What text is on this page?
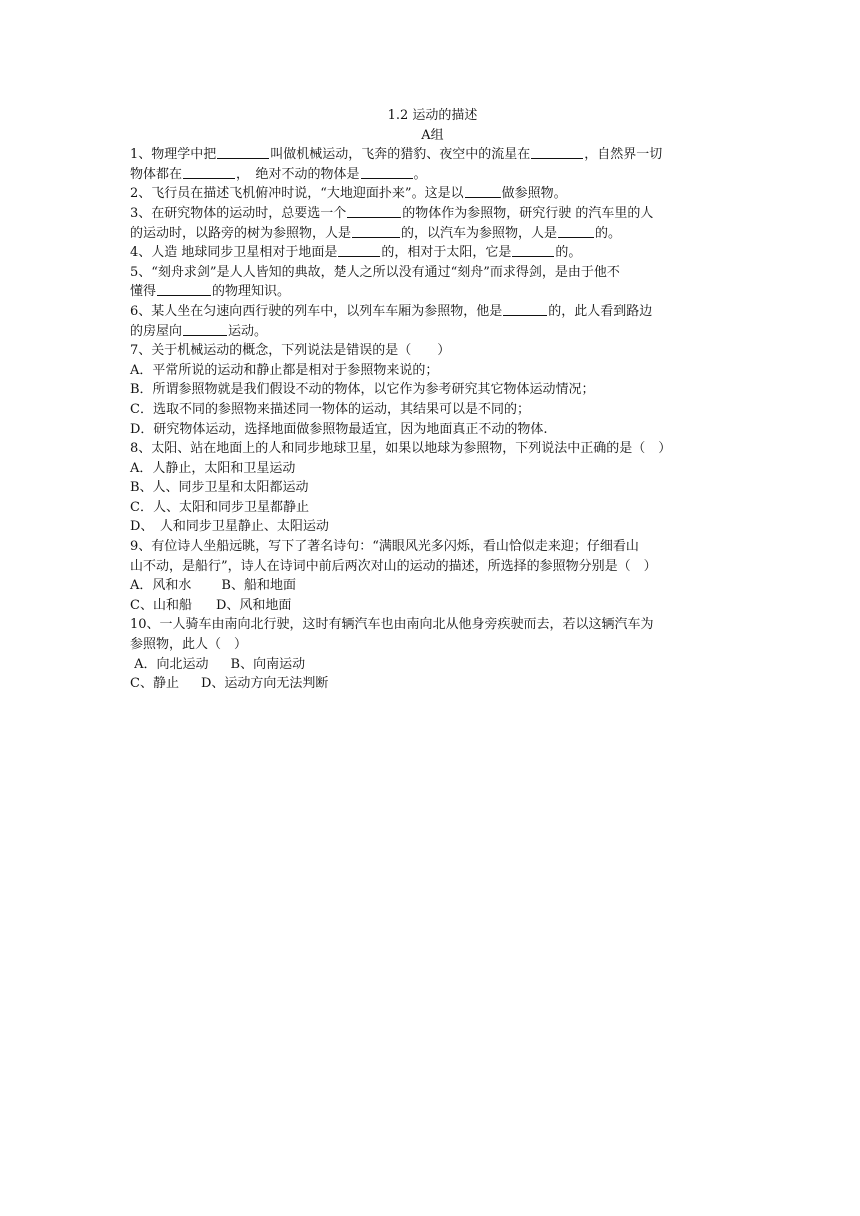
1.2 运动的描述
A组
1、物理学中把	叫做机械运动，飞奔的猎豹、夜空中的流星在	，自然界一切
物体都在	，　绝对不动的物体是	。
2、飞行员在描述飞机俯冲时说，“大地迎面扑来”。这是以	做参照物。
3、在研究物体的运动时，总要选一个	的物体作为参照物，研究行驶 的汽车里的人
的运动时，以路旁的树为参照物，人是	的，以汽车为参照物，人是	的。
4、人造 地球同步卫星相对于地面是	的，相对于太阳，它是	的。
5、“刻舟求剑”是人人皆知的典故，楚人之所以没有通过“刻舟”而求得剑，是由于他不
懂得	的物理知识。
6、某人坐在匀速向西行驶的列车中，以列车车厢为参照物，他是	的，此人看到路边
的房屋向	运动。
7、关于机械运动的概念，下列说法是错误的是（　　）
A．平常所说的运动和静止都是相对于参照物来说的；
B．所谓参照物就是我们假设不动的物体，以它作为参考研究其它物体运动情况；
C．选取不同的参照物来描述同一物体的运动，其结果可以是不同的；
D．研究物体运动，选择地面做参照物最适宜，因为地面真正不动的物体.
8、太阳、站在地面上的人和同步地球卫星，如果以地球为参照物，下列说法中正确的是（　）
A．人静止，太阳和卫星运动
B、人、同步卫星和太阳都运动
C．人、太阳和同步卫星都静止
D、　人和同步卫星静止、太阳运动
9、有位诗人坐船远眺，写下了著名诗句：“满眼风光多闪烁，看山恰似走来迎；仔细看山
山不动，是船行”，诗人在诗词中前后两次对山的运动的描述，所选择的参照物分别是（　）
A．风和水 B、船和地面
C、山和船 D、风和地面
10、一人骑车由南向北行驶，这时有辆汽车也由南向北从他身旁疾驶而去，若以这辆汽车为
参照物，此人（　）
A．向北运动 B、向南运动
C、静止 D、运动方向无法判断
